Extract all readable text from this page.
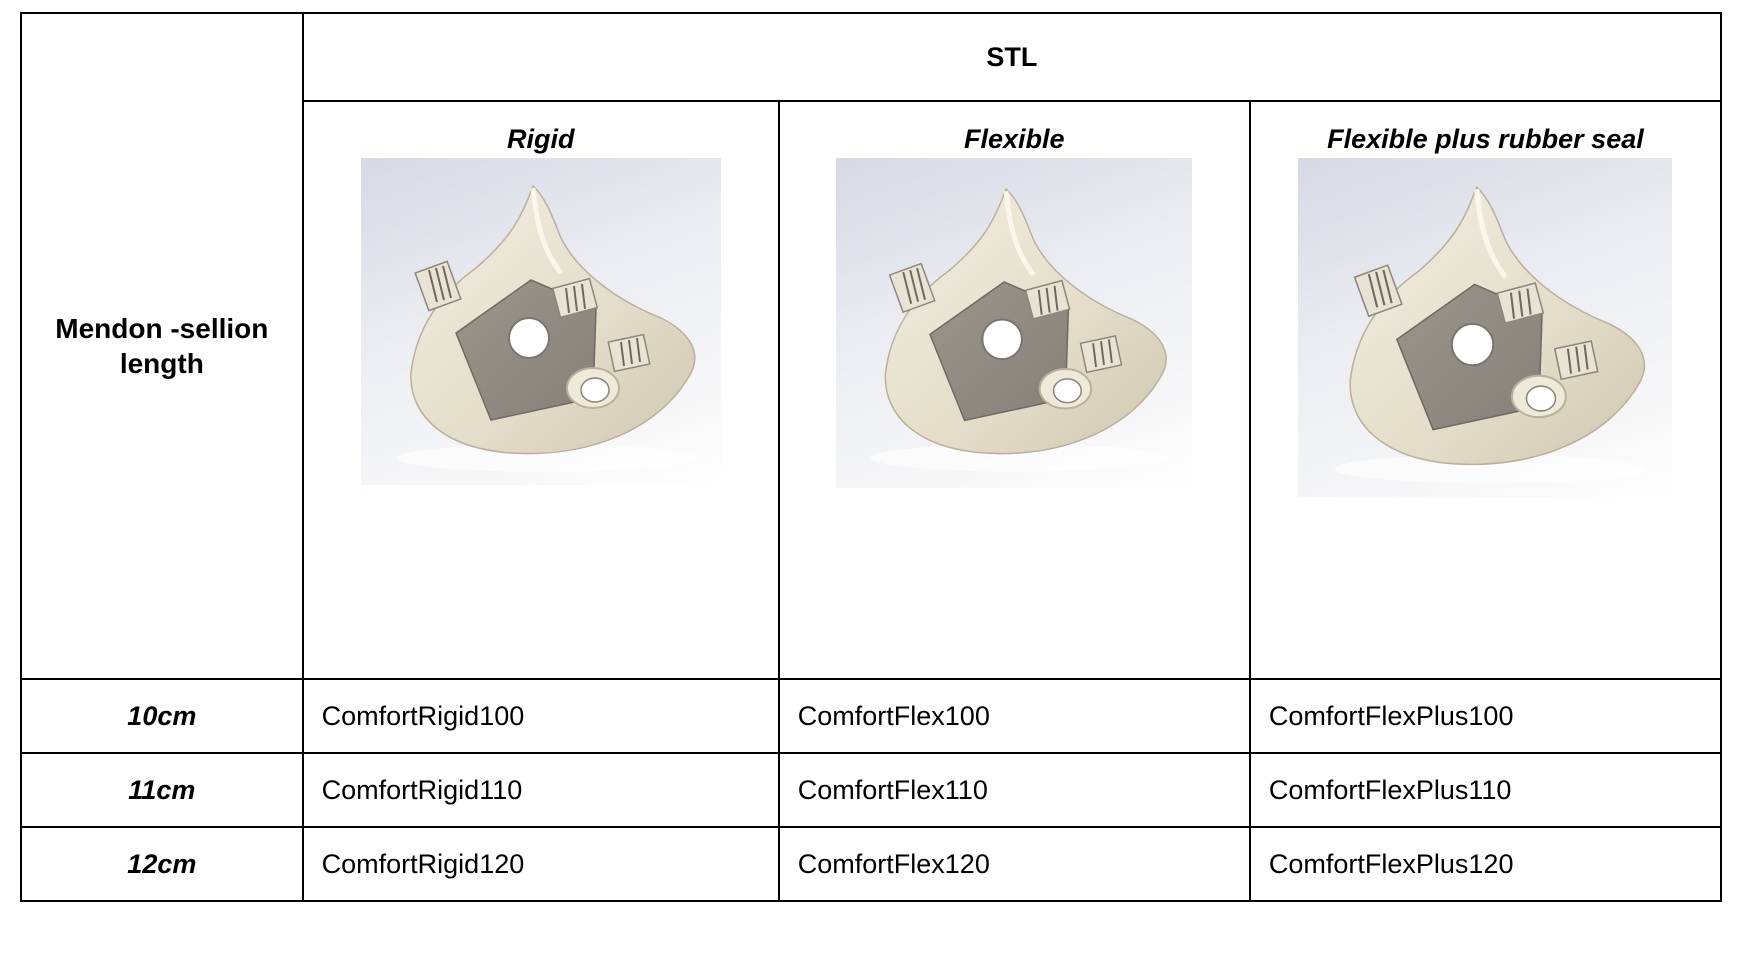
Mendon -sellion length	STL		

	Rigid	Flexible	Flexible plus rubber seal

10cm	ComfortRigid100	ComfortFlex100	ComfortFlexPlus100
11cm	ComfortRigid110	ComfortFlex110	ComfortFlexPlus110
12cm	ComfortRigid120	ComfortFlex120	ComfortFlexPlus120
